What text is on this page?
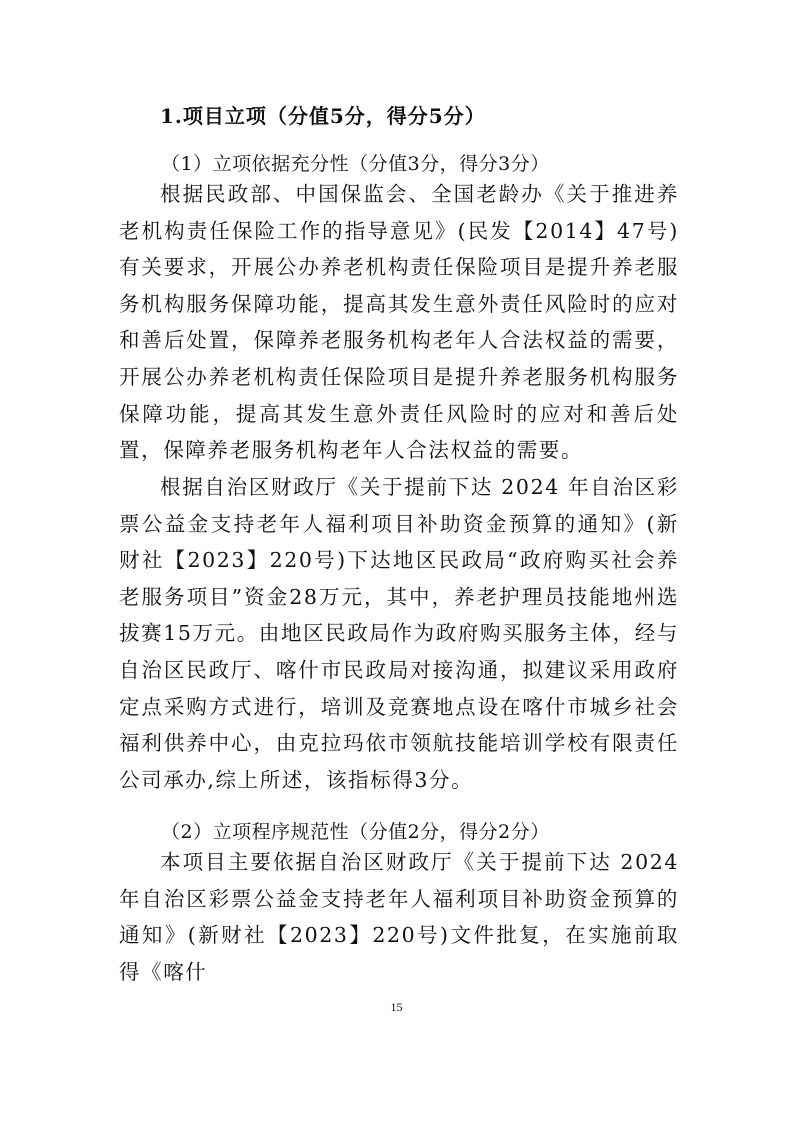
1.项目立项（分值5分，得分5分）
（1）立项依据充分性（分值3分，得分3分）

根据民政部、中国保监会、全国老龄办《关于推进养老机构责任保险工作的指导意见》(民发【2014】47号)有关要求，开展公办养老机构责任保险项目是提升养老服务机构服务保障功能，提高其发生意外责任风险时的应对和善后处置，保障养老服务机构老年人合法权益的需要，开展公办养老机构责任保险项目是提升养老服务机构服务保障功能，提高其发生意外责任风险时的应对和善后处置，保障养老服务机构老年人合法权益的需要。

根据自治区财政厅《关于提前下达 2024 年自治区彩票公益金支持老年人福利项目补助资金预算的通知》(新财社【2023】220号)下达地区民政局“政府购买社会养老服务项目”资金28万元，其中，养老护理员技能地州选拔赛15万元。由地区民政局作为政府购买服务主体，经与自治区民政厅、喀什市民政局对接沟通，拟建议采用政府定点采购方式进行，培训及竞赛地点设在喀什市城乡社会福利供养中心，由克拉玛依市领航技能培训学校有限责任公司承办,综上所述，该指标得3分。

（2）立项程序规范性（分值2分，得分2分）

本项目主要依据自治区财政厅《关于提前下达 2024 年自治区彩票公益金支持老年人福利项目补助资金预算的通知》(新财社【2023】220号)文件批复，在实施前取得《喀什

15
